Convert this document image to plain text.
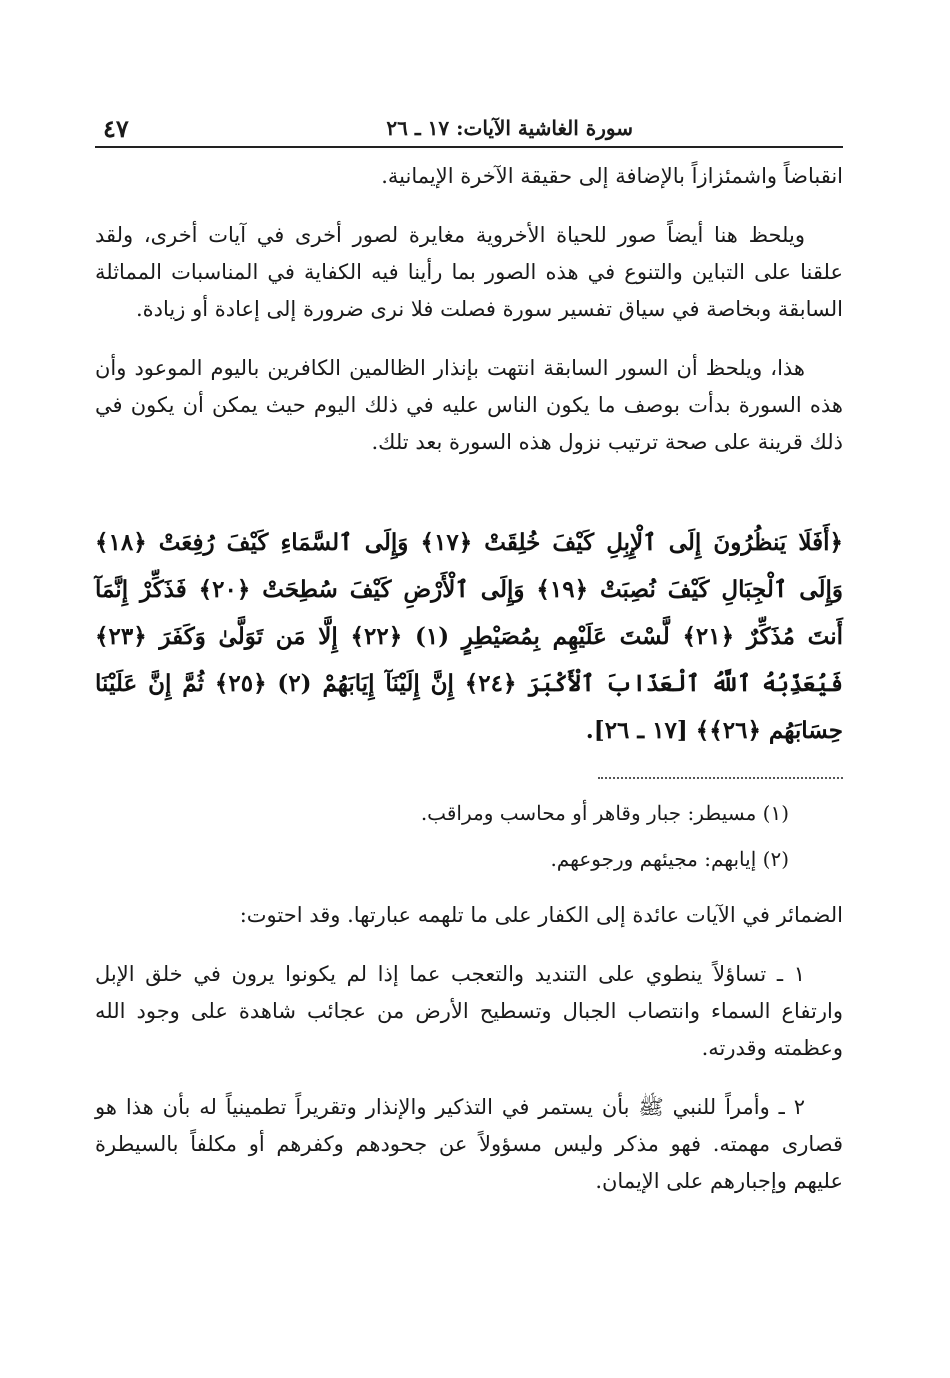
سورة الغاشية الآيات: ١٧ ـ ٢٦
٤٧

انقباضاً واشمئزازاً بالإضافة إلى حقيقة الآخرة الإيمانية.

ويلحظ هنا أيضاً صور للحياة الأخروية مغايرة لصور أخرى في آيات أخرى، ولقد علقنا على التباين والتنوع في هذه الصور بما رأينا فيه الكفاية في المناسبات المماثلة السابقة وبخاصة في سياق تفسير سورة فصلت فلا نرى ضرورة إلى إعادة أو زيادة.

هذا، ويلحظ أن السور السابقة انتهت بإنذار الظالمين الكافرين باليوم الموعود وأن هذه السورة بدأت بوصف ما يكون الناس عليه في ذلك اليوم حيث يمكن أن يكون في ذلك قرينة على صحة ترتيب نزول هذه السورة بعد تلك.

﴿أَفَلَا يَنظُرُونَ إِلَى ٱلْإِبِلِ كَيْفَ خُلِقَتْ ﴿١٧﴾ وَإِلَى ٱلسَّمَاءِ كَيْفَ رُفِعَتْ ﴿١٨﴾ وَإِلَى ٱلْجِبَالِ كَيْفَ نُصِبَتْ ﴿١٩﴾ وَإِلَى ٱلْأَرْضِ كَيْفَ سُطِحَتْ ﴿٢٠﴾ فَذَكِّرْ إِنَّمَآ أَنتَ مُذَكِّرٌ ﴿٢١﴾ لَّسْتَ عَلَيْهِم بِمُصَيْطِرٍ (١) ﴿٢٢﴾ إِلَّا مَن تَوَلَّىٰ وَكَفَرَ ﴿٢٣﴾ فَيُعَذِّبُهُ ٱللَّهُ ٱلْعَذَابَ ٱلْأَكْبَرَ ﴿٢٤﴾ إِنَّ إِلَيْنَآ إِيَابَهُمْ (٢) ﴿٢٥﴾ ثُمَّ إِنَّ عَلَيْنَا حِسَابَهُم ﴿٢٦﴾﴾ [١٧ ـ ٢٦].

(١) مسيطر: جبار وقاهر أو محاسب ومراقب.

(٢) إيابهم: مجيئهم ورجوعهم.

الضمائر في الآيات عائدة إلى الكفار على ما تلهمه عبارتها. وقد احتوت:

١ ـ تساؤلاً ينطوي على التنديد والتعجب عما إذا لم يكونوا يرون في خلق الإبل وارتفاع السماء وانتصاب الجبال وتسطيح الأرض من عجائب شاهدة على وجود الله وعظمته وقدرته.

٢ ـ وأمراً للنبي ﷺ بأن يستمر في التذكير والإنذار وتقريراً تطمينياً له بأن هذا هو قصارى مهمته. فهو مذكر وليس مسؤولاً عن جحودهم وكفرهم أو مكلفاً بالسيطرة عليهم وإجبارهم على الإيمان.
